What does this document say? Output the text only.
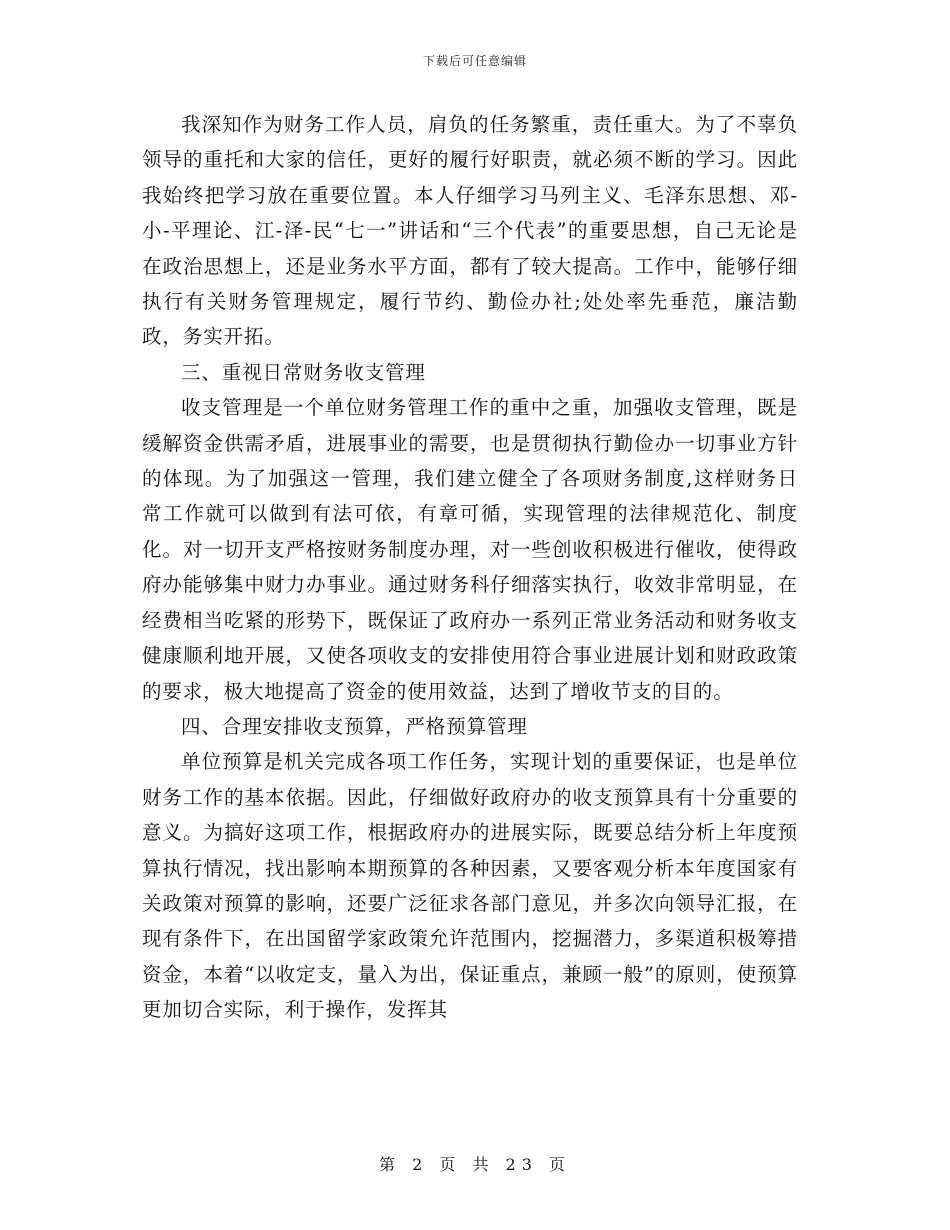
下载后可任意编辑

我深知作为财务工作人员，肩负的任务繁重，责任重大。为了不辜负领导的重托和大家的信任，更好的履行好职责，就必须不断的学习。因此我始终把学习放在重要位置。本人仔细学习马列主义、毛泽东思想、邓-小-平理论、江-泽-民“七一”讲话和“三个代表”的重要思想，自己无论是在政治思想上，还是业务水平方面，都有了较大提高。工作中，能够仔细执行有关财务管理规定，履行节约、勤俭办社;处处率先垂范，廉洁勤政，务实开拓。

三、重视日常财务收支管理

收支管理是一个单位财务管理工作的重中之重，加强收支管理，既是缓解资金供需矛盾，进展事业的需要，也是贯彻执行勤俭办一切事业方针的体现。为了加强这一管理，我们建立健全了各项财务制度,这样财务日常工作就可以做到有法可依，有章可循，实现管理的法律规范化、制度化。对一切开支严格按财务制度办理，对一些创收积极进行催收，使得政府办能够集中财力办事业。通过财务科仔细落实执行，收效非常明显，在经费相当吃紧的形势下，既保证了政府办一系列正常业务活动和财务收支健康顺利地开展，又使各项收支的安排使用符合事业进展计划和财政政策的要求，极大地提高了资金的使用效益，达到了增收节支的目的。

四、合理安排收支预算，严格预算管理

单位预算是机关完成各项工作任务，实现计划的重要保证，也是单位财务工作的基本依据。因此，仔细做好政府办的收支预算具有十分重要的意义。为搞好这项工作，根据政府办的进展实际，既要总结分析上年度预算执行情况，找出影响本期预算的各种因素，又要客观分析本年度国家有关政策对预算的影响，还要广泛征求各部门意见，并多次向领导汇报，在现有条件下，在出国留学家政策允许范围内，挖掘潜力，多渠道积极筹措资金，本着“以收定支，量入为出，保证重点，兼顾一般”的原则，使预算更加切合实际，利于操作，发挥其

第 2 页 共 23 页
